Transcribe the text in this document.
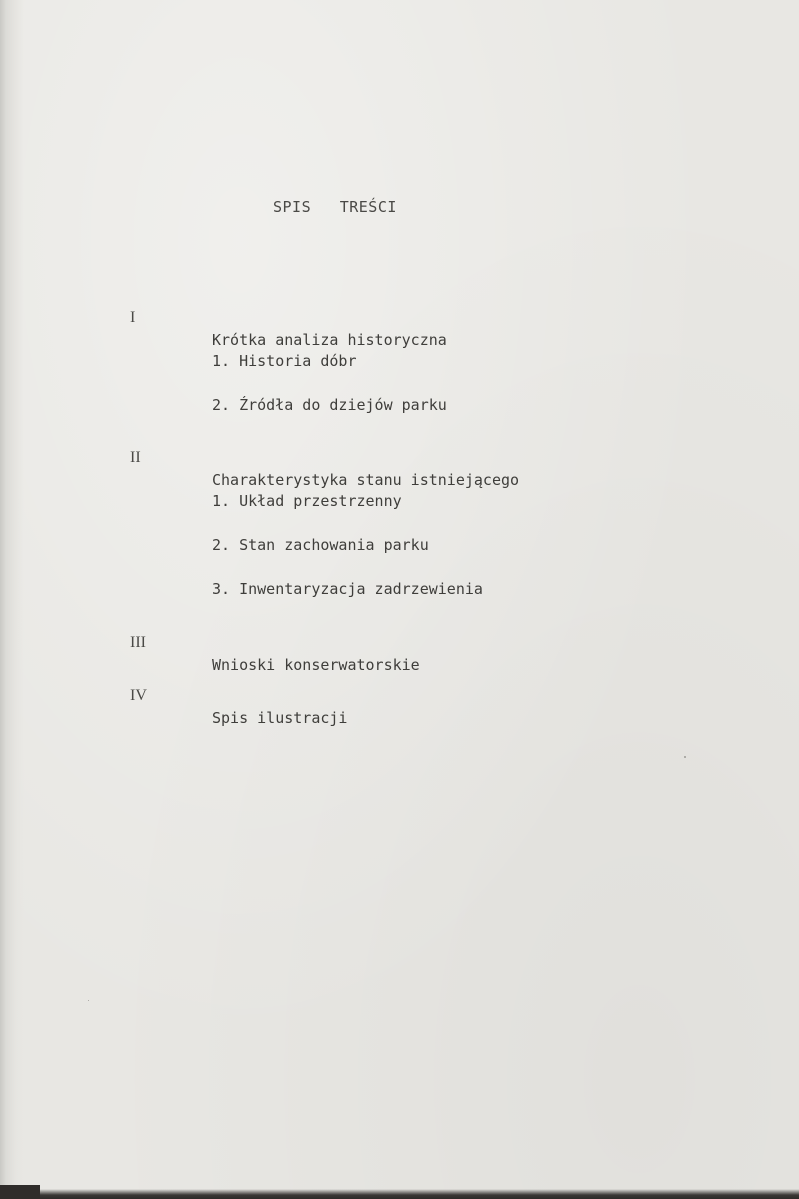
SPIS   TREŚCI

I

Krótka analiza historyczna

1. Historia dóbr

2. Źródła do dziejów parku

II

Charakterystyka stanu istniejącego

1. Układ przestrzenny

2. Stan zachowania parku

3. Inwentaryzacja zadrzewienia

III

Wnioski konserwatorskie

IV

Spis ilustracji
